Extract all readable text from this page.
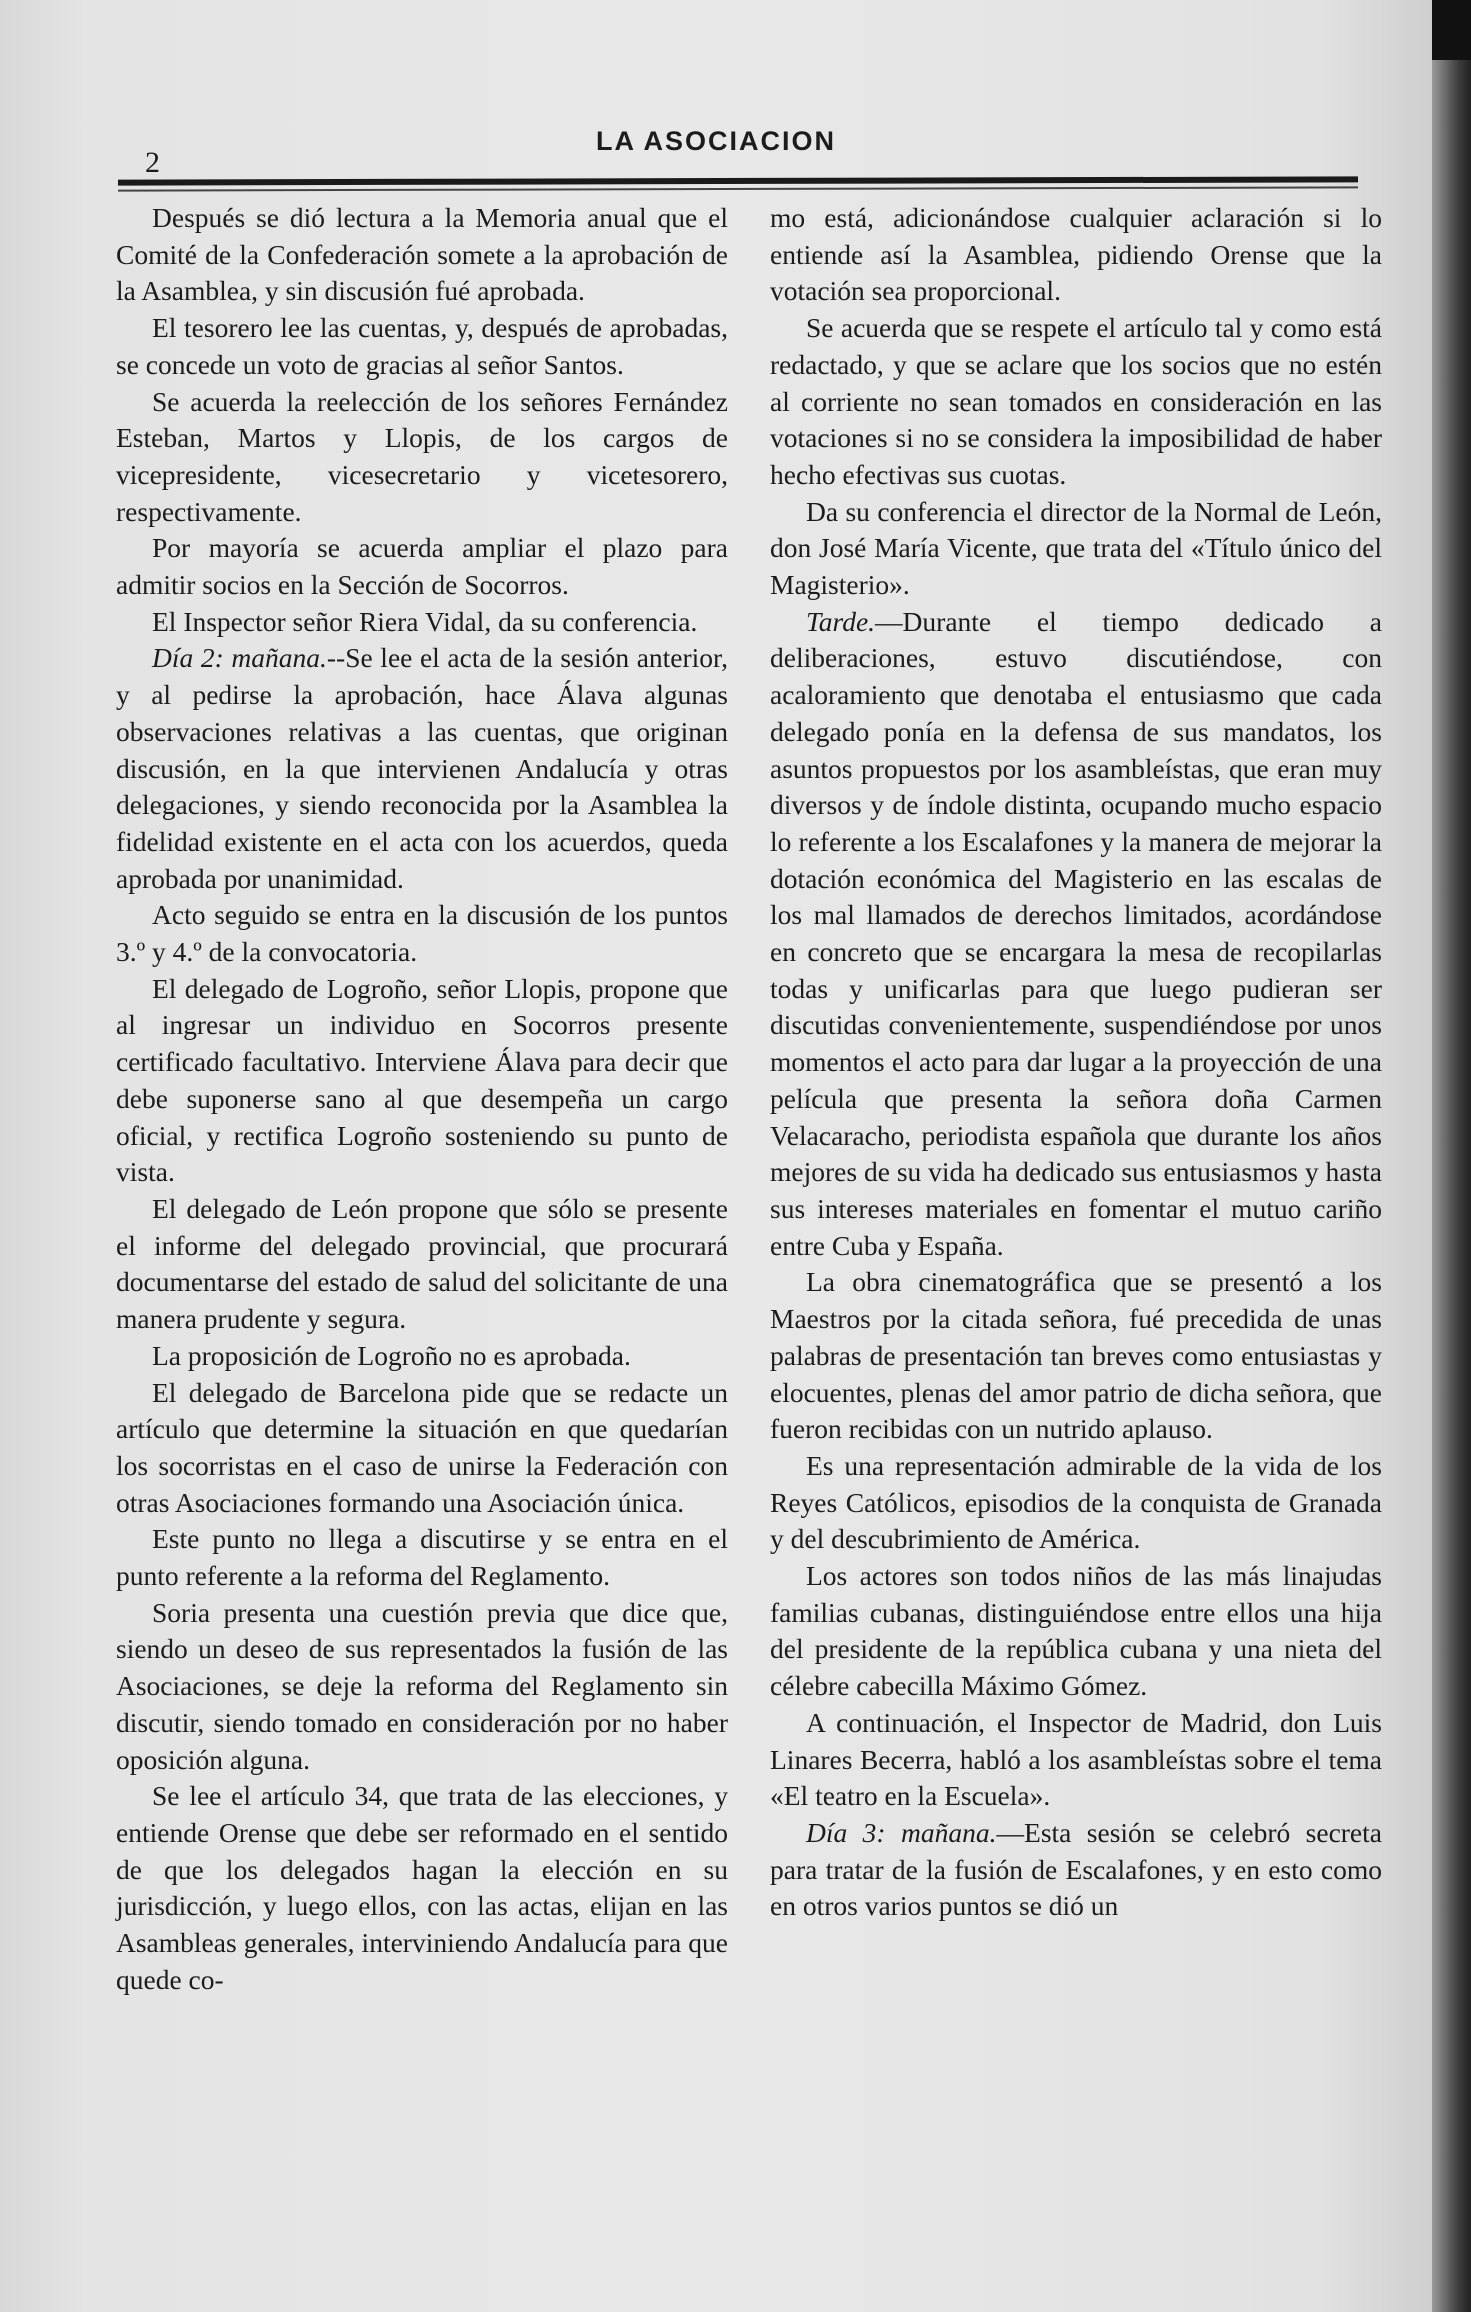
2
LA ASOCIACION

Después se dió lectura a la Memoria anual que el Comité de la Confederación somete a la aprobación de la Asamblea, y sin discusión fué aprobada.

El tesorero lee las cuentas, y, después de aprobadas, se concede un voto de gracias al señor Santos.

Se acuerda la reelección de los señores Fernández Esteban, Martos y Llopis, de los cargos de vicepresidente, vicesecretario y vicetesorero, respectivamente.

Por mayoría se acuerda ampliar el plazo para admitir socios en la Sección de Socorros.

El Inspector señor Riera Vidal, da su conferencia.

Día 2: mañana.--Se lee el acta de la sesión anterior, y al pedirse la aprobación, hace Álava algunas observaciones relativas a las cuentas, que originan discusión, en la que intervienen Andalucía y otras delegaciones, y siendo reconocida por la Asamblea la fidelidad existente en el acta con los acuerdos, queda aprobada por unanimidad.

Acto seguido se entra en la discusión de los puntos 3.º y 4.º de la convocatoria.

El delegado de Logroño, señor Llopis, propone que al ingresar un individuo en Socorros presente certificado facultativo. Interviene Álava para decir que debe suponerse sano al que desempeña un cargo oficial, y rectifica Logroño sosteniendo su punto de vista.

El delegado de León propone que sólo se presente el informe del delegado provincial, que procurará documentarse del estado de salud del solicitante de una manera prudente y segura.

La proposición de Logroño no es aprobada.

El delegado de Barcelona pide que se redacte un artículo que determine la situación en que quedarían los socorristas en el caso de unirse la Federación con otras Asociaciones formando una Asociación única.

Este punto no llega a discutirse y se entra en el punto referente a la reforma del Reglamento.

Soria presenta una cuestión previa que dice que, siendo un deseo de sus representados la fusión de las Asociaciones, se deje la reforma del Reglamento sin discutir, siendo tomado en consideración por no haber oposición alguna.

Se lee el artículo 34, que trata de las elecciones, y entiende Orense que debe ser reformado en el sentido de que los delegados hagan la elección en su jurisdicción, y luego ellos, con las actas, elijan en las Asambleas generales, interviniendo Andalucía para que quede co-

mo está, adicionándose cualquier aclaración si lo entiende así la Asamblea, pidiendo Orense que la votación sea proporcional.

Se acuerda que se respete el artículo tal y como está redactado, y que se aclare que los socios que no estén al corriente no sean tomados en consideración en las votaciones si no se considera la imposibilidad de haber hecho efectivas sus cuotas.

Da su conferencia el director de la Normal de León, don José María Vicente, que trata del «Título único del Magisterio».

Tarde.—Durante el tiempo dedicado a deliberaciones, estuvo discutiéndose, con acaloramiento que denotaba el entusiasmo que cada delegado ponía en la defensa de sus mandatos, los asuntos propuestos por los asambleístas, que eran muy diversos y de índole distinta, ocupando mucho espacio lo referente a los Escalafones y la manera de mejorar la dotación económica del Magisterio en las escalas de los mal llamados de derechos limitados, acordándose en concreto que se encargara la mesa de recopilarlas todas y unificarlas para que luego pudieran ser discutidas convenientemente, suspendiéndose por unos momentos el acto para dar lugar a la proyección de una película que presenta la señora doña Carmen Velacaracho, periodista española que durante los años mejores de su vida ha dedicado sus entusiasmos y hasta sus intereses materiales en fomentar el mutuo cariño entre Cuba y España.

La obra cinematográfica que se presentó a los Maestros por la citada señora, fué precedida de unas palabras de presentación tan breves como entusiastas y elocuentes, plenas del amor patrio de dicha señora, que fueron recibidas con un nutrido aplauso.

Es una representación admirable de la vida de los Reyes Católicos, episodios de la conquista de Granada y del descubrimiento de América.

Los actores son todos niños de las más linajudas familias cubanas, distinguiéndose entre ellos una hija del presidente de la república cubana y una nieta del célebre cabecilla Máximo Gómez.

A continuación, el Inspector de Madrid, don Luis Linares Becerra, habló a los asambleístas sobre el tema «El teatro en la Escuela».

Día 3: mañana.—Esta sesión se celebró secreta para tratar de la fusión de Escalafones, y en esto como en otros varios puntos se dió un
